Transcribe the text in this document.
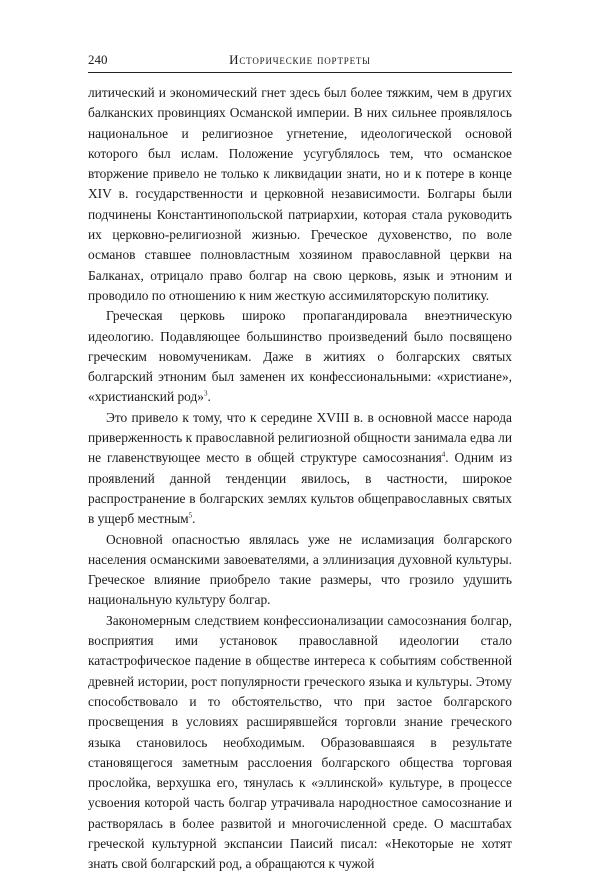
240	Исторические портреты

литический и экономический гнет здесь был более тяжким, чем в других балканских провинциях Османской империи. В них сильнее проявлялось национальное и религиозное угнетение, идеологической основой которого был ислам. Положение усугублялось тем, что османское вторжение привело не только к ликвидации знати, но и к потере в конце XIV в. государственности и церковной независимости. Болгары были подчинены Константинопольской патриархии, которая стала руководить их церковно-религиозной жизнью. Греческое духовенство, по воле османов ставшее полновластным хозяином православной церкви на Балканах, отрицало право болгар на свою церковь, язык и этноним и проводило по отношению к ним жесткую ассимиляторскую политику.

Греческая церковь широко пропагандировала внеэтническую идеологию. Подавляющее большинство произведений было посвящено греческим новомученикам. Даже в житиях о болгарских святых болгарский этноним был заменен их конфессиональными: «христиане», «христианский род»$^3$.

Это привело к тому, что к середине XVIII в. в основной массе народа приверженность к православной религиозной общности занимала едва ли не главенствующее место в общей структуре самосознания$^4$. Одним из проявлений данной тенденции явилось, в частности, широкое распространение в болгарских землях культов общеправославных святых в ущерб местным$^5$.

Основной опасностью являлась уже не исламизация болгарского населения османскими завоевателями, а эллинизация духовной культуры. Греческое влияние приобрело такие размеры, что грозило удушить национальную культуру болгар.

Закономерным следствием конфессионализации самосознания болгар, восприятия ими установок православной идеологии стало катастрофическое падение в обществе интереса к событиям собственной древней истории, рост популярности греческого языка и культуры. Этому способствовало и то обстоятельство, что при застое болгарского просвещения в условиях расширявшейся торговли знание греческого языка становилось необходимым. Образовавшаяся в результате становящегося заметным расслоения болгарского общества торговая прослойка, верхушка его, тянулась к «эллинской» культуре, в процессе усвоения которой часть болгар утрачивала народностное самосознание и растворялась в более развитой и многочисленной среде. О масштабах греческой культурной экспансии Паисий писал: «Некоторые не хотят знать свой болгарский род, а обращаются к чужой
